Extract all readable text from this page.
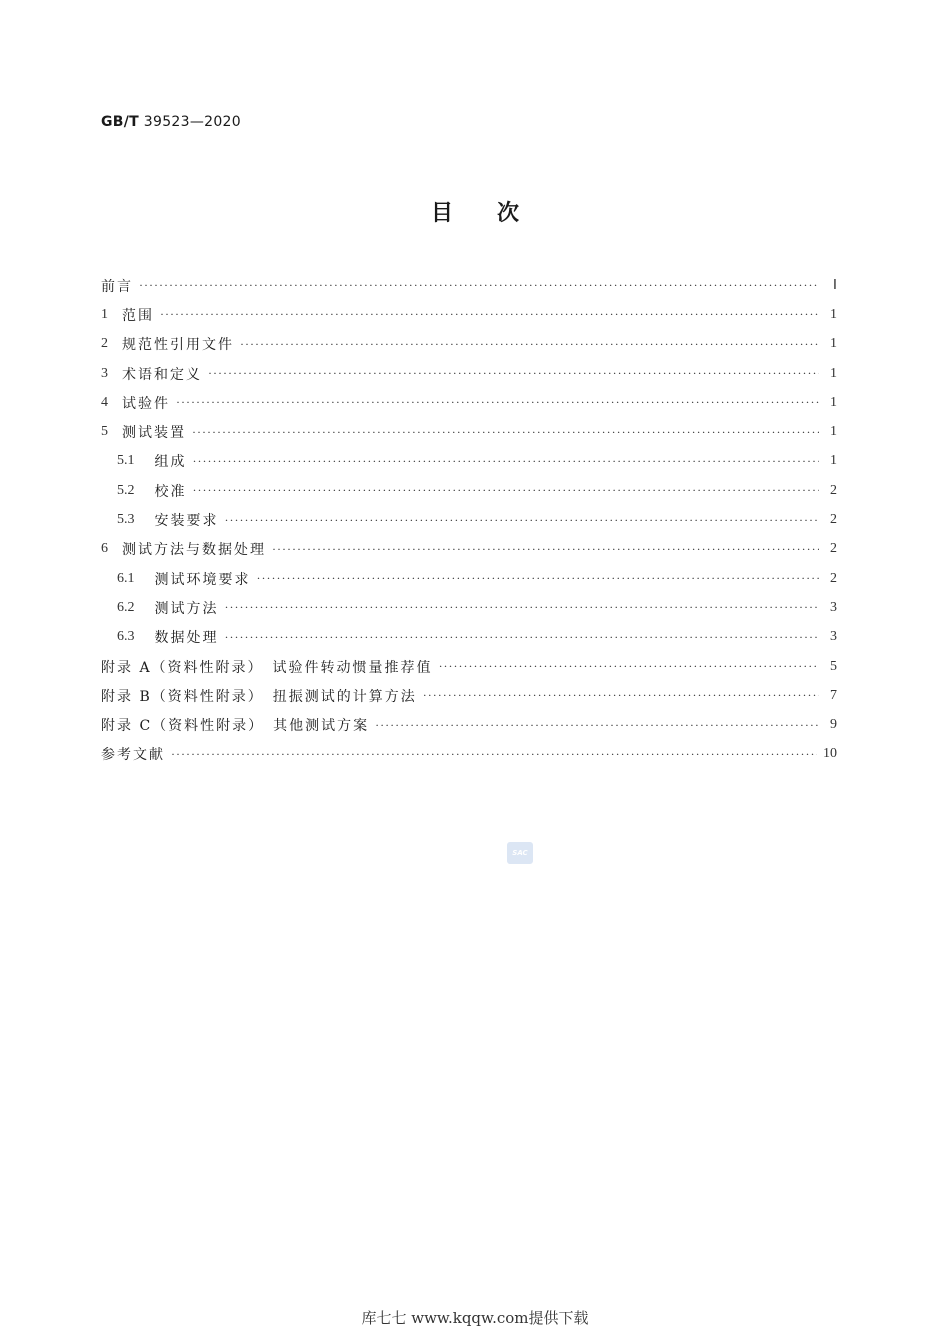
GB/T 39523—2020
目　　次
前言 ·····	Ⅰ
1 范围 ·····	1
2 规范性引用文件 ·····	1
3 术语和定义 ·····	1
4 试验件 ·····	1
5 测试装置 ·····	1
5.1 组成 ·····	1
5.2 校准 ·····	2
5.3 安装要求 ·····	2
6 测试方法与数据处理 ·····	2
6.1 测试环境要求 ·····	2
6.2 测试方法 ·····	3
6.3 数据处理 ·····	3
附录 A（资料性附录）　试验件转动惯量推荐值 ·····	5
附录 B（资料性附录）　扭振测试的计算方法 ·····	7
附录 C（资料性附录）　其他测试方案 ·····	9
参考文献 ·····	10
SAC
库七七 www.kqqw.com提供下载
